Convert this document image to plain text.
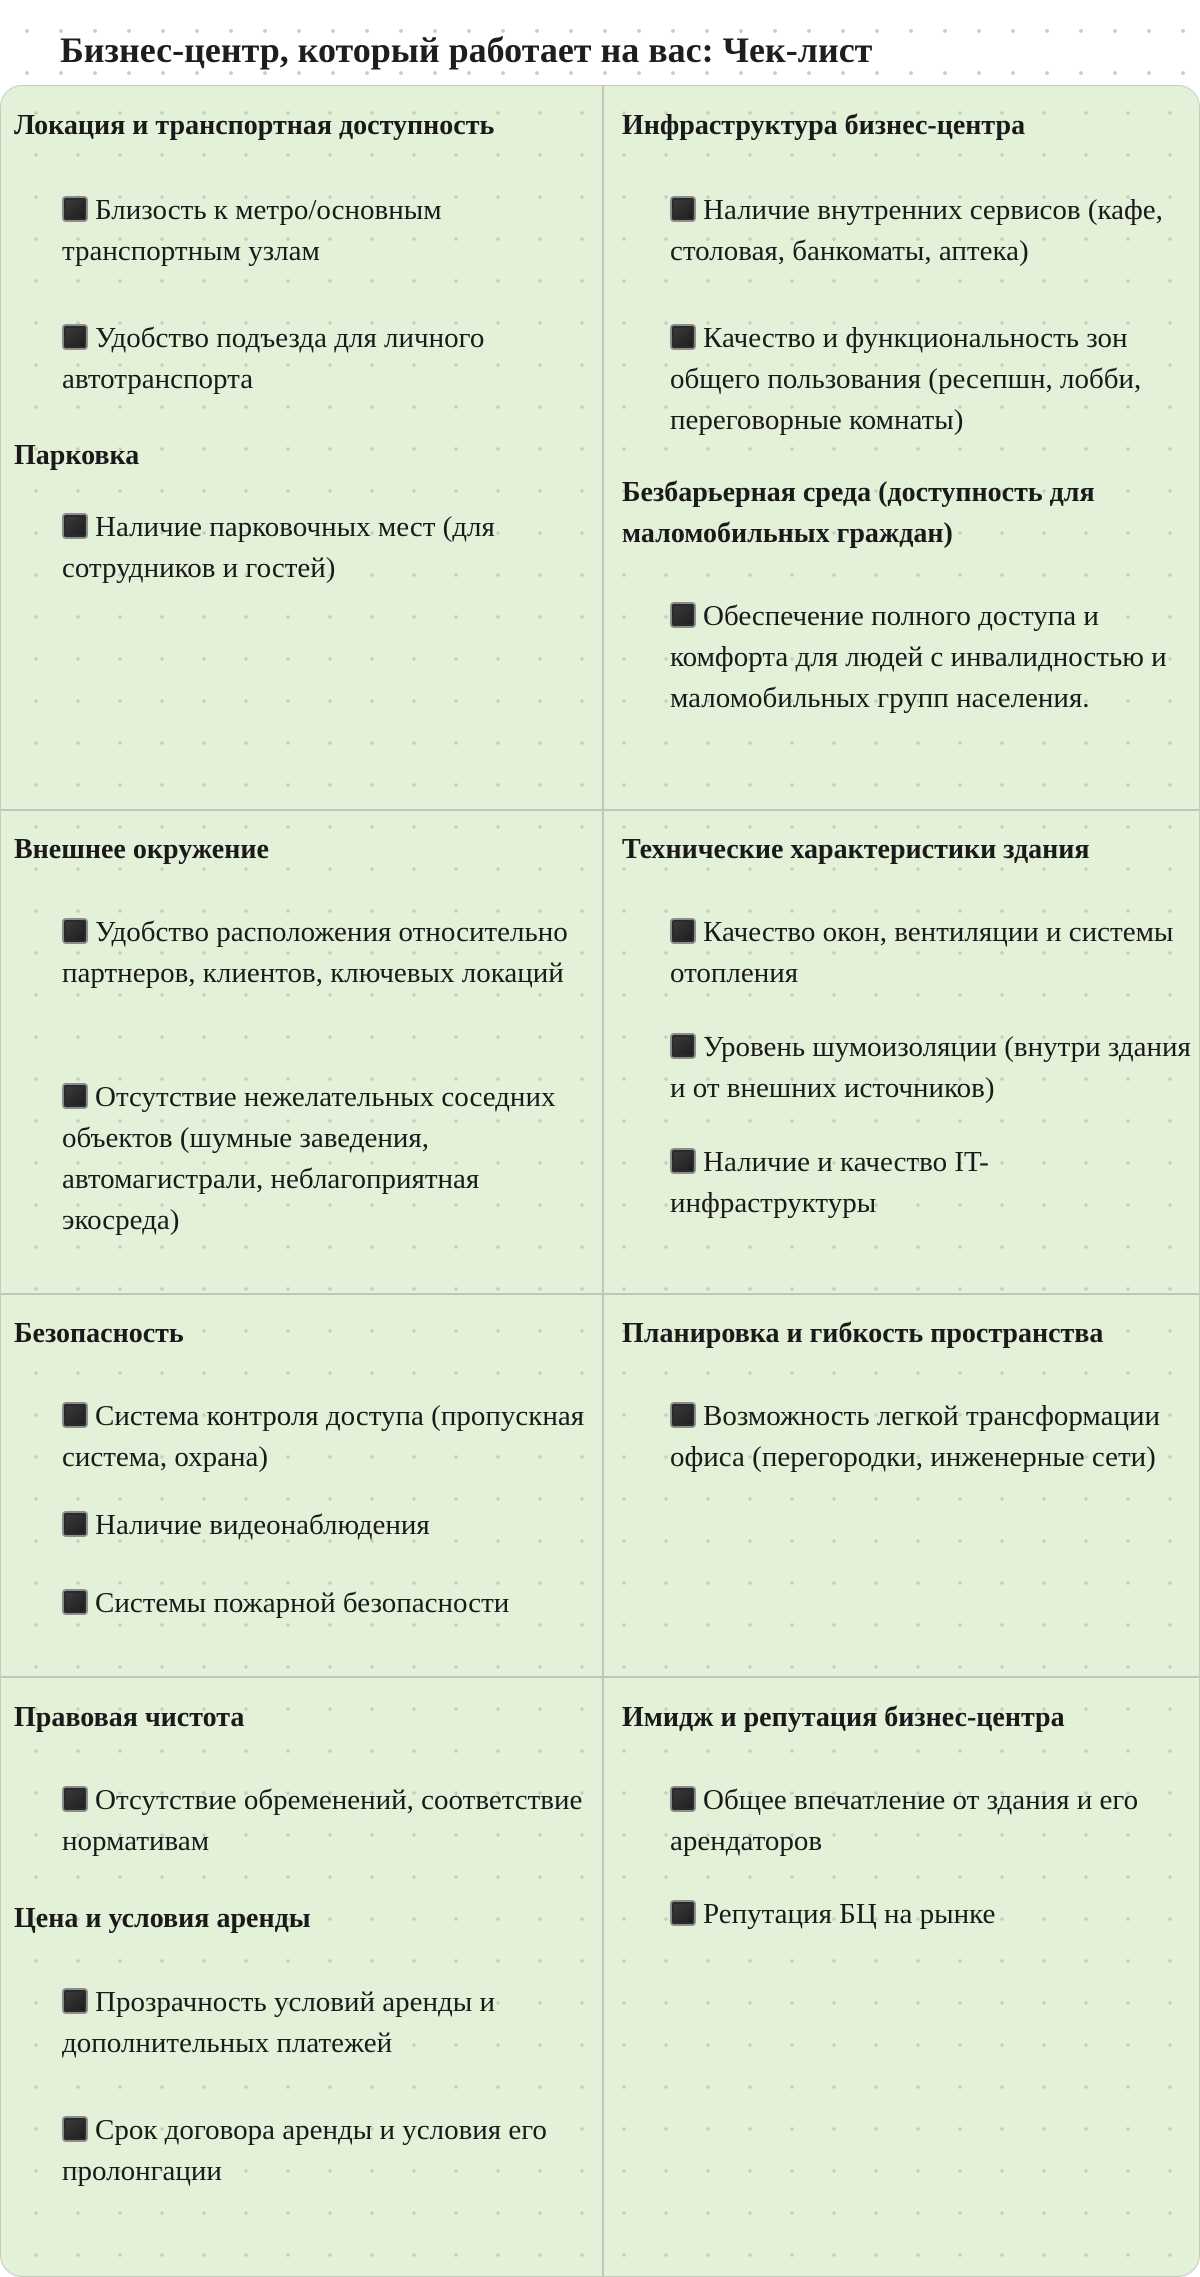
Бизнес-центр, который работает на вас: Чек-лист
Локация и транспортная доступность
Близость к метро/основным транспортным узлам
Удобство подъезда для личного автотранспорта
Парковка
Наличие парковочных мест (для сотрудников и гостей)
Инфраструктура бизнес-центра
Наличие внутренних сервисов (кафе, столовая, банкоматы, аптека)
Качество и функциональность зон общего пользования (ресепшн, лобби, переговорные комнаты)
Безбарьерная среда (доступность для маломобильных граждан)
Обеспечение полного доступа и комфорта для людей с инвалидностью и маломобильных групп населения.
Внешнее окружение
Удобство расположения относительно партнеров, клиентов, ключевых локаций
Отсутствие нежелательных соседних объектов (шумные заведения, автомагистрали, неблагоприятная экосреда)
Технические характеристики здания
Качество окон, вентиляции и системы отопления
Уровень шумоизоляции (внутри здания и от внешних источников)
Наличие и качество IT-инфраструктуры
Безопасность
Система контроля доступа (пропускная система, охрана)
Наличие видеонаблюдения
Системы пожарной безопасности
Планировка и гибкость пространства
Возможность легкой трансформации офиса (перегородки, инженерные сети)
Правовая чистота
Отсутствие обременений, соответствие нормативам
Цена и условия аренды
Прозрачность условий аренды и дополнительных платежей
Срок договора аренды и условия его пролонгации
Имидж и репутация бизнес-центра
Общее впечатление от здания и его арендаторов
Репутация БЦ на рынке
